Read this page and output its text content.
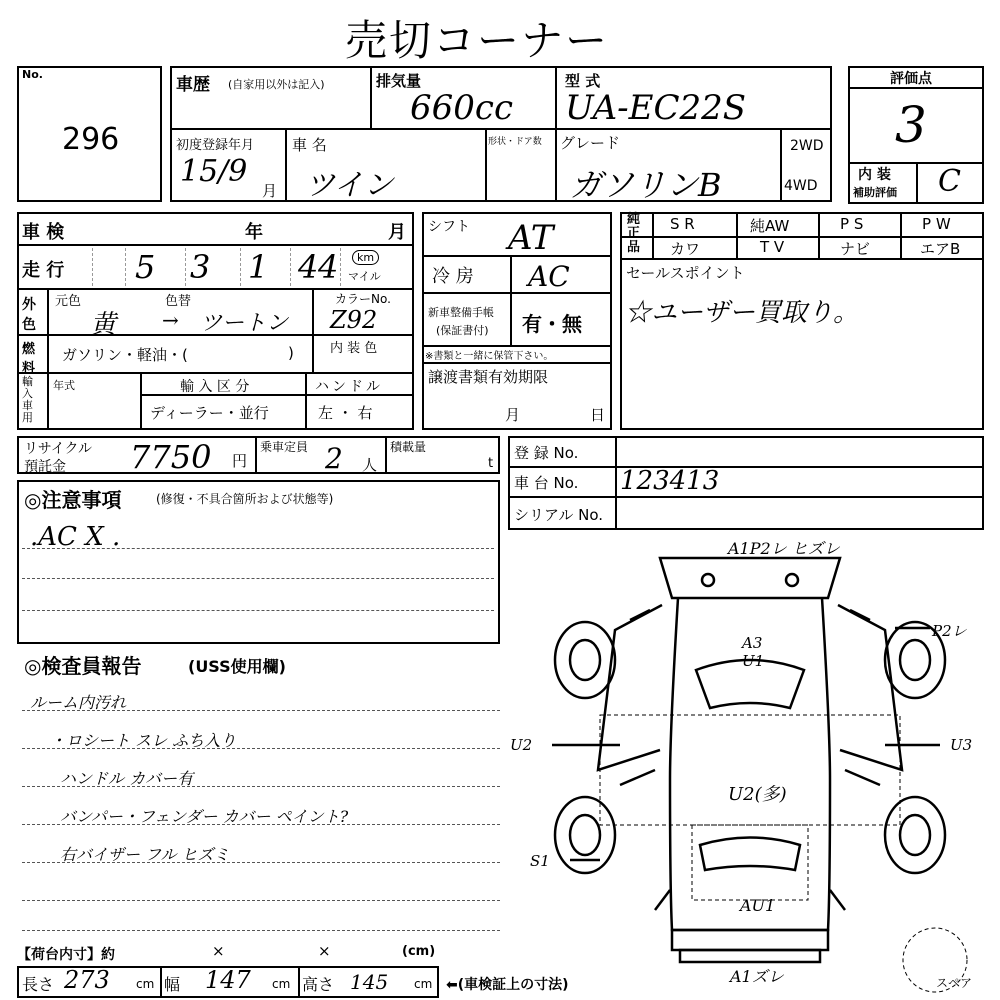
売切コーナー
No.
296
車歴 (自家用以外は記入)	排気量
660cc
型 式
UA-EC22S
初度登録年月
15/9
月
車 名
ツイン
形状・ドア数 グレード
ガソリンB
2WD
4WD
評価点
3
内 装
補助評価 C
車 検	年	月
走 行 5 3 1 4 4	km
マイル
外色
元色	色替	カラーNo.
黄 → ツートン Z92
燃料
ガソリン・軽油・(	)	内 装 色
輸入車用
年式	輸 入 区 分
ディーラー・並行
ハンドル
左 ・ 右
シフト AT
冷 房 AC
新車整備手帳
(保証書付) 有・無
※書類と一緒に保管下さい。
譲渡書類有効期限
月	日
純正品
S R	純AW	P S	P W
カワ	T V	ナビ	エアB
セールスポイント
☆ユーザー買取り。
リサイクル
預託金 7750 円
乗車定員 2 人
積載量
t
登 録 No.
車 台 No. 123413
シリアル No.
◎注意事項	(修復・不具合箇所および状態等)
.AC X .
◎検査員報告	(USS使用欄)
ルーム内汚れ
・ロシート スレ ふち入り
ハンドル カバー有
バンパー・フェンダー カバー ペイント?
右バイザー フル ヒズミ
【荷台内寸】約	×	×	(cm)
長さ 273 cm 幅 147 cm 高さ 145 cm ⬅(車検証上の寸法)
A1P2レ ヒズレ
A3 U1
P2レ
U2	U3
U2(多)
S1
AU1
A1ズレ	スペア
